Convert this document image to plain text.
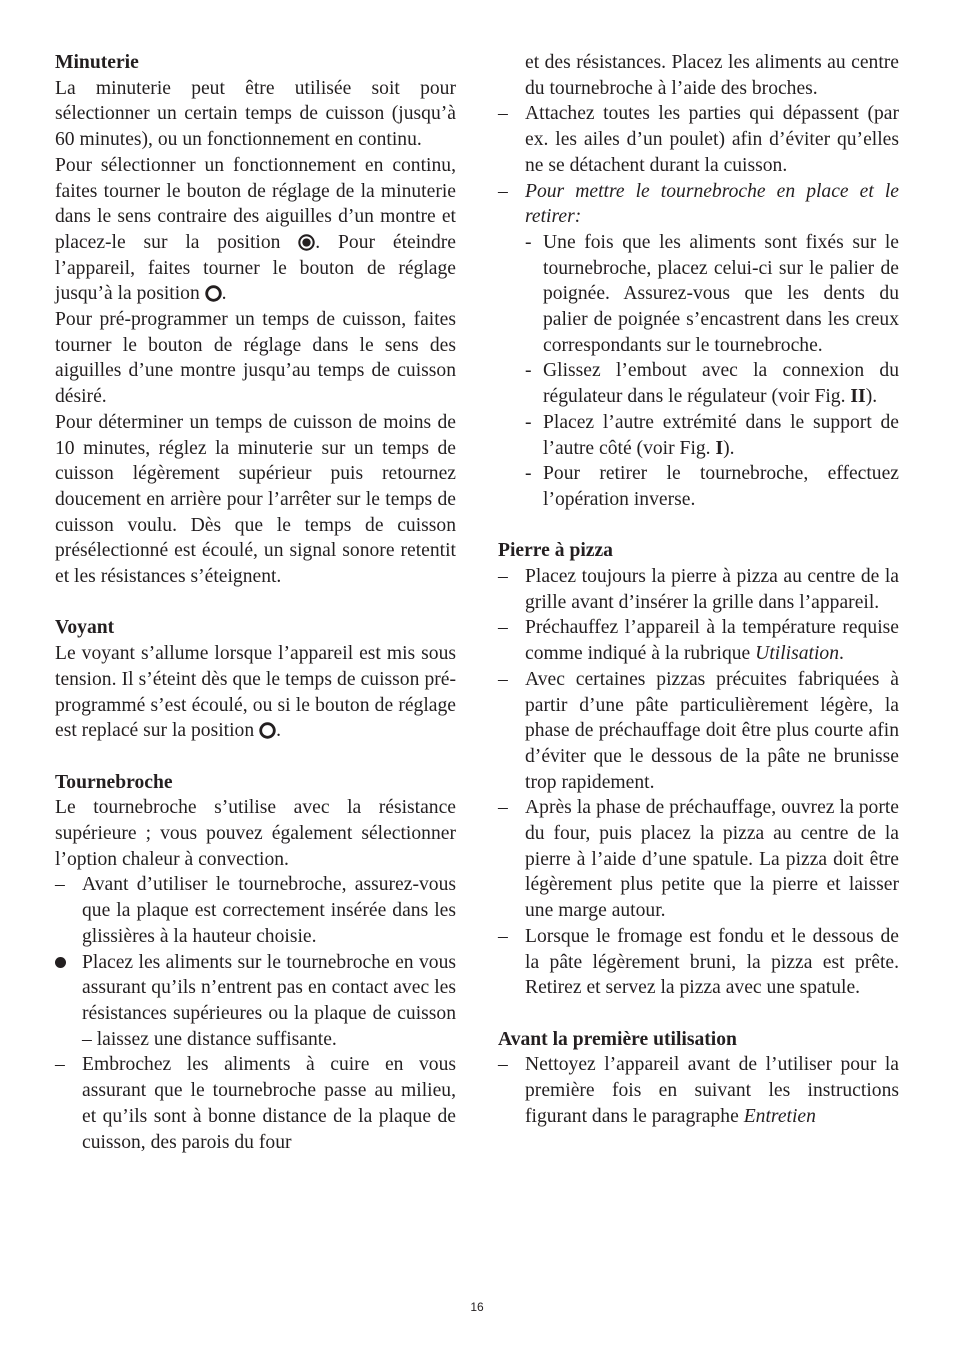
Minuterie

La minuterie peut être utilisée soit pour sélectionner un certain temps de cuisson (jusqu’à 60 minutes), ou un fonctionnement en continu.

Pour sélectionner un fonctionnement en continu, faites tourner le bouton de réglage de la minuterie dans le sens contraire des aiguilles d’un montre et placez-le sur la position . Pour éteindre l’appareil, faites tourner le bouton de réglage jusqu’à la position .

Pour pré-programmer un temps de cuisson, faites tourner le bouton de réglage dans le sens des aiguilles d’une montre jusqu’au temps de cuisson désiré.

Pour déterminer un temps de cuisson de moins de 10 minutes, réglez la minuterie sur un temps de cuisson légèrement supérieur puis retournez doucement en arrière pour l’arrêter sur le temps de cuisson voulu. Dès que le temps de cuisson présélectionné est écoulé, un signal sonore retentit et les résistances s’éteignent.

Voyant

Le voyant s’allume lorsque l’appareil est mis sous tension. Il s’éteint dès que le temps de cuisson pré-programmé s’est écoulé, ou si le bouton de réglage est replacé sur la position .

Tournebroche

Le tournebroche s’utilise avec la résistance supérieure ; vous pouvez également sélectionner l’option chaleur à convection.

– Avant d’utiliser le tournebroche, assurez-vous que la plaque est correctement insérée dans les glissières à la hauteur choisie.
Placez les aliments sur le tournebroche en vous assurant qu’ils n’entrent pas en contact avec les résistances supérieures ou la plaque de cuisson – laissez une distance suffisante.
– Embrochez les aliments à cuire en vous assurant que le tournebroche passe au milieu, et qu’ils sont à bonne distance de la plaque de cuisson, des parois du four
et des résistances. Placez les aliments au centre du tournebroche à l’aide des broches.
– Attachez toutes les parties qui dépassent (par ex. les ailes d’un poulet) afin d’éviter qu’elles ne se détachent durant la cuisson.
– Pour mettre le tournebroche en place et le retirer:
- Une fois que les aliments sont fixés sur le tournebroche, placez celui-ci sur le palier de poignée. Assurez-vous que les dents du palier de poignée s’encastrent dans les creux correspondants sur le tournebroche.
- Glissez l’embout avec la connexion du régulateur dans le régulateur (voir Fig. II).
- Placez l’autre extrémité dans le support de l’autre côté (voir Fig. I).
- Pour retirer le tournebroche, effectuez l’opération inverse.

Pierre à pizza

– Placez toujours la pierre à pizza au centre de la grille avant d’insérer la grille dans l’appareil.
– Préchauffez l’appareil à la température requise comme indiqué à la rubrique Utilisation.
– Avec certaines pizzas précuites fabriquées à partir d’une pâte particulièrement légère, la phase de préchauffage doit être plus courte afin d’éviter que le dessous de la pâte ne brunisse trop rapidement.
– Après la phase de préchauffage, ouvrez la porte du four, puis placez la pizza au centre de la pierre à l’aide d’une spatule. La pizza doit être légèrement plus petite que la pierre et laisser une marge autour.
– Lorsque le fromage est fondu et le dessous de la pâte légèrement bruni, la pizza est prête. Retirez et servez la pizza avec une spatule.

Avant la première utilisation

– Nettoyez l’appareil avant de l’utiliser pour la première fois en suivant les instructions figurant dans le paragraphe Entretien
16
